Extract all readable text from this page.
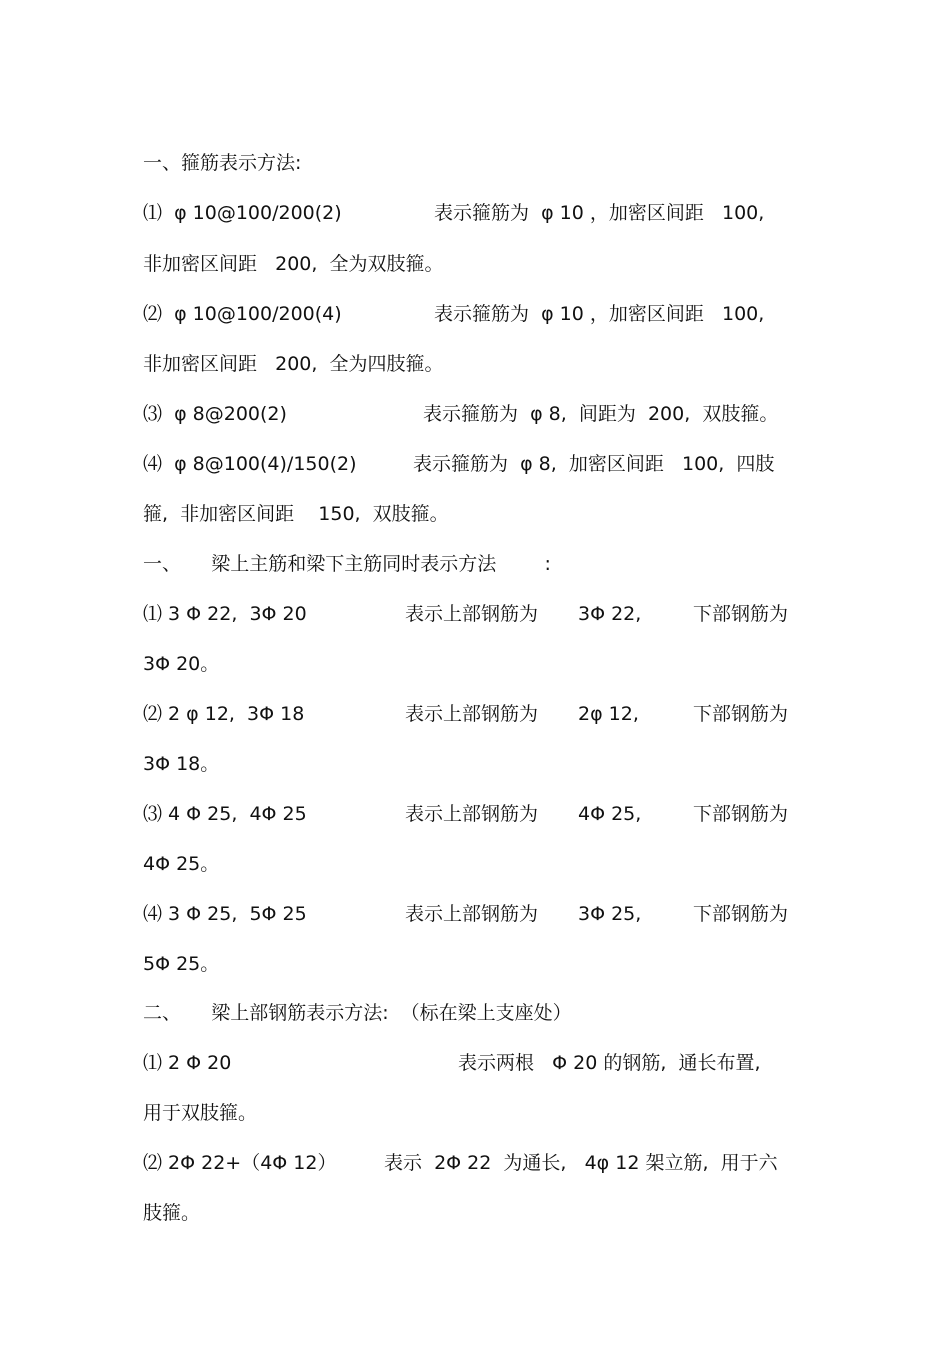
一、箍筋表示方法:

⑴  φ 10@100/200(2)

	表示箍筋为  φ 10 ，加密区间距   100,

非加密区间距   200,  全为双肢箍。

⑵  φ 10@100/200(4)

	表示箍筋为  φ 10 ，加密区间距   100,

非加密区间距   200,  全为四肢箍。

⑶  φ 8@200(2)

	表示箍筋为  φ 8,  间距为  200,  双肢箍。

⑷  φ 8@100(4)/150(2)

	表示箍筋为  φ 8,  加密区间距   100,  四肢

箍,  非加密区间距    150,  双肢箍。

一、     梁上主筋和梁下主筋同时表示方法        :

⑴ 3 Φ 22,  3Φ 20

	表示上部钢筋为

3Φ 22,

	下部钢筋为

3Φ 20。

⑵ 2 φ 12,  3Φ 18

	表示上部钢筋为

2φ 12,

	下部钢筋为

3Φ 18。

⑶ 4 Φ 25,  4Φ 25

	表示上部钢筋为

4Φ 25,

	下部钢筋为

4Φ 25。

⑷ 3 Φ 25,  5Φ 25

	表示上部钢筋为

3Φ 25,

	下部钢筋为

5Φ 25。

二、     梁上部钢筋表示方法:  （标在梁上支座处）

⑴ 2 Φ 20

	表示两根   Φ 20 的钢筋,  通长布置,

用于双肢箍。

⑵ 2Φ 22+（4Φ 12）

	表示  2Φ 22  为通长,   4φ 12 架立筋,  用于六

肢箍。
